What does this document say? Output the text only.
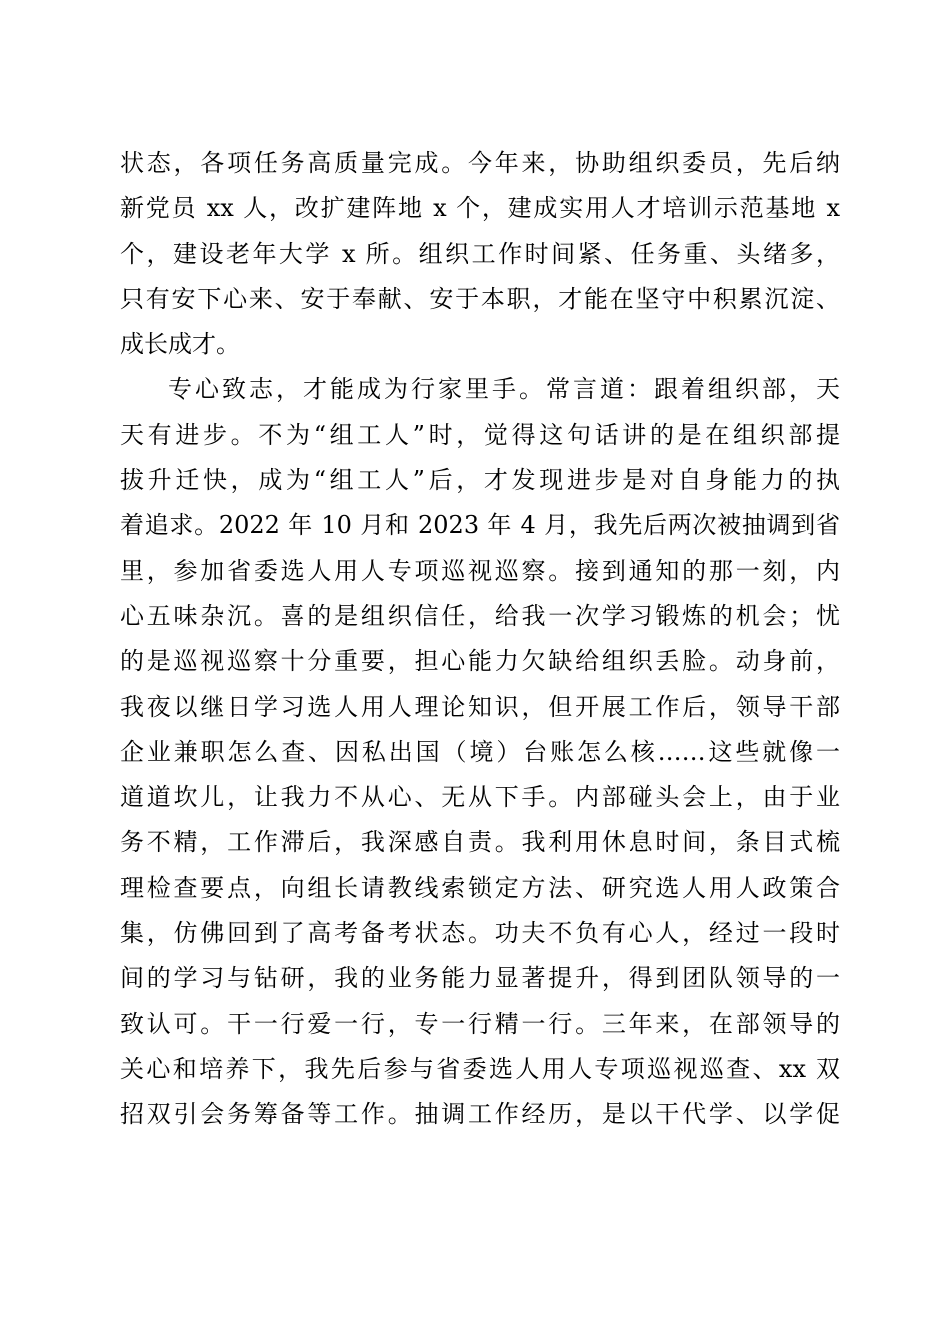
状态，各项任务高质量完成。今年来，协助组织委员，先后纳
新党员 xx 人，改扩建阵地 x 个，建成实用人才培训示范基地 x
个，建设老年大学 x 所。组织工作时间紧、任务重、头绪多，
只有安下心来、安于奉献、安于本职，才能在坚守中积累沉淀、
成长成才。
专心致志，才能成为行家里手。常言道：跟着组织部，天
天有进步。不为“组工人”时，觉得这句话讲的是在组织部提
拔升迁快，成为“组工人”后，才发现进步是对自身能力的执
着追求。2022 年 10 月和 2023 年 4 月，我先后两次被抽调到省
里，参加省委选人用人专项巡视巡察。接到通知的那一刻，内
心五味杂沉。喜的是组织信任，给我一次学习锻炼的机会；忧
的是巡视巡察十分重要，担心能力欠缺给组织丢脸。动身前，
我夜以继日学习选人用人理论知识，但开展工作后，领导干部
企业兼职怎么查、因私出国（境）台账怎么核……这些就像一
道道坎儿，让我力不从心、无从下手。内部碰头会上，由于业
务不精，工作滞后，我深感自责。我利用休息时间，条目式梳
理检查要点，向组长请教线索锁定方法、研究选人用人政策合
集，仿佛回到了高考备考状态。功夫不负有心人，经过一段时
间的学习与钻研，我的业务能力显著提升，得到团队领导的一
致认可。干一行爱一行，专一行精一行。三年来，在部领导的
关心和培养下，我先后参与省委选人用人专项巡视巡查、xx 双
招双引会务筹备等工作。抽调工作经历，是以干代学、以学促
